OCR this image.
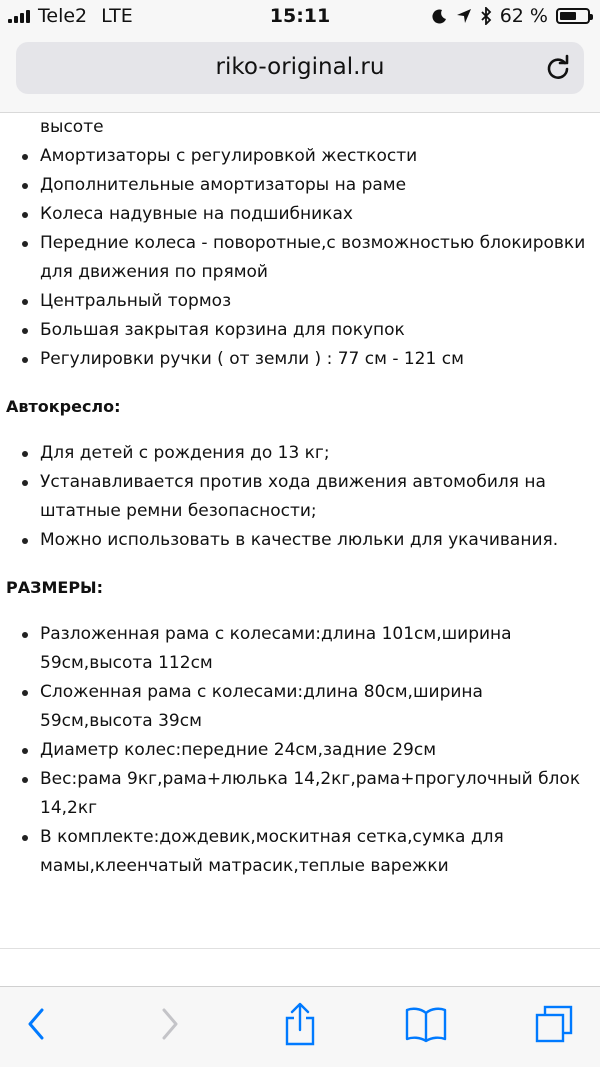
Tele2 LTE	15:11	62 %
riko-original.ru
высоте
Амортизаторы с регулировкой жесткости
Дополнительные амортизаторы на раме
Колеса надувные на подшибниках
Передние колеса - поворотные,с возможностью блокировки
для движения по прямой
Центральный тормоз
Большая закрытая корзина для покупок
Регулировки ручки ( от земли ) : 77 см - 121 см
Автокресло:
Для детей с рождения до 13 кг;
Устанавливается против хода движения автомобиля на
штатные ремни безопасности;
Можно использовать в качестве люльки для укачивания.
РАЗМЕРЫ:
Разложенная рама с колесами:длина 101см,ширина
59см,высота 112см
Сложенная рама с колесами:длина 80см,ширина
59см,высота 39см
Диаметр колес:передние 24см,задние 29см
Вес:рама 9кг,рама+люлька 14,2кг,рама+прогулочный блок
14,2кг
В комплекте:дождевик,москитная сетка,сумка для
мамы,клеенчатый матрасик,теплые варежки
